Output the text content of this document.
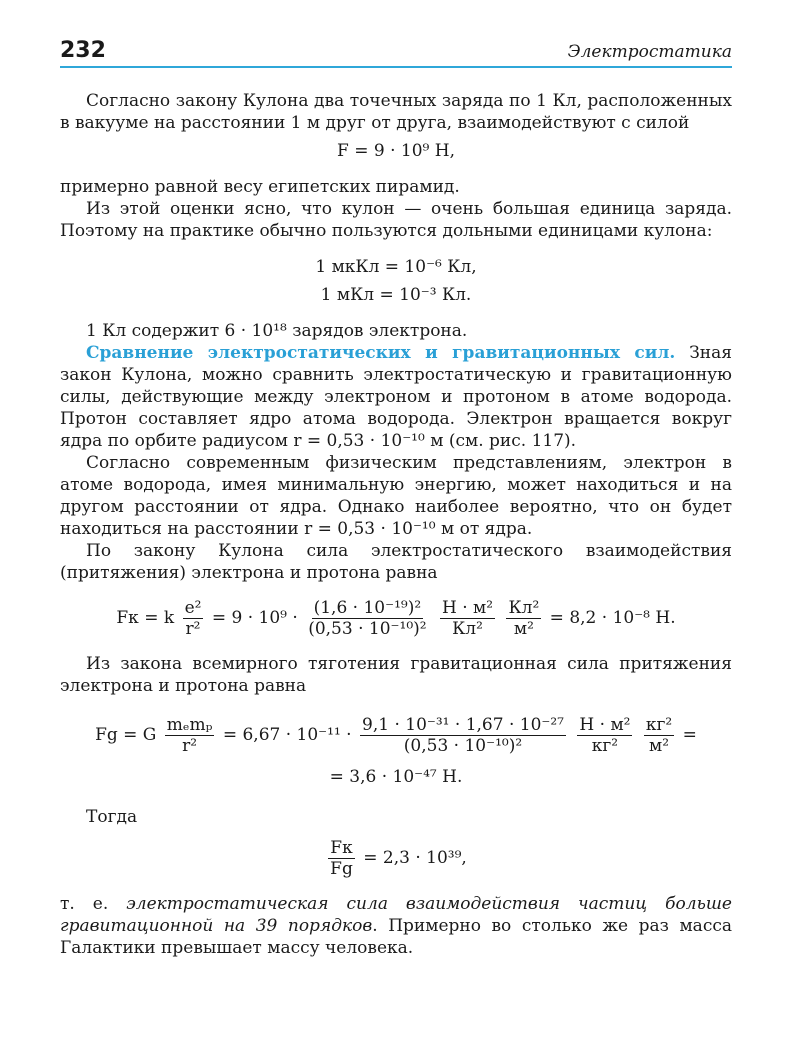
232	Электростатика

Согласно закону Кулона два точечных заряда по 1 Кл, расположенных в вакууме на расстоянии 1 м друг от друга, взаимодействуют с силой

F = 9 · 10⁹ Н,

примерно равной весу египетских пирамид.

Из этой оценки ясно, что кулон — очень большая единица заряда. Поэтому на практике обычно пользуются дольными единицами кулона:

1 мкКл = 10⁻⁶ Кл,

1 мКл = 10⁻³ Кл.

1 Кл содержит 6 · 10¹⁸ зарядов электрона.

Сравнение электростатических и гравитационных сил. Зная закон Кулона, можно сравнить электростатическую и гравитационную силы, действующие между электроном и протоном в атоме водорода. Протон составляет ядро атома водорода. Электрон вращается вокруг ядра по орбите радиусом r = 0,53 · 10⁻¹⁰ м (см. рис. 117).

Согласно современным физическим представлениям, электрон в атоме водорода, имея минимальную энергию, может находиться и на другом расстоянии от ядра. Однако наиболее вероятно, что он будет находиться на расстоянии r = 0,53 · 10⁻¹⁰ м от ядра.

По закону Кулона сила электростатического взаимодействия (притяжения) электрона и протона равна

Fк = k $\frac{\text{e²}}{\text{r²}} = 9 \cdot 10^9 \cdot \frac{\text{(1,6 · 10⁻¹⁹)²}}{\text{(0,53 · 10⁻¹⁰)²}}$
$\frac{\text{Н · м²}}{\text{Кл²}}$
$\frac{\text{Кл²}}{\text{м²}} = 8,2 \cdot 10^{-8}$ Н.

Из закона всемирного тяготения гравитационная сила притяжения электрона и протона равна

Fg = G $\frac{\text{mₑmₚ}}{\text{r²}} = 6,67 \cdot 10^{-11} \cdot \frac{\text{9,1 · 10⁻³¹ · 1,67 · 10⁻²⁷}}{\text{(0,53 · 10⁻¹⁰)²}}$
$\frac{\text{Н · м²}}{\text{кг²}}$
$\frac{\text{кг²}}{\text{м²}}$ =

= 3,6 · 10⁻⁴⁷ Н.

Тогда

$\frac{Fк}{Fg} = 2,3 \cdot 10^{39}$,

т. е. электростатическая сила взаимодействия частиц больше гравитационной на 39 порядков. Примерно во столько же раз масса Галактики превышает массу человека.
